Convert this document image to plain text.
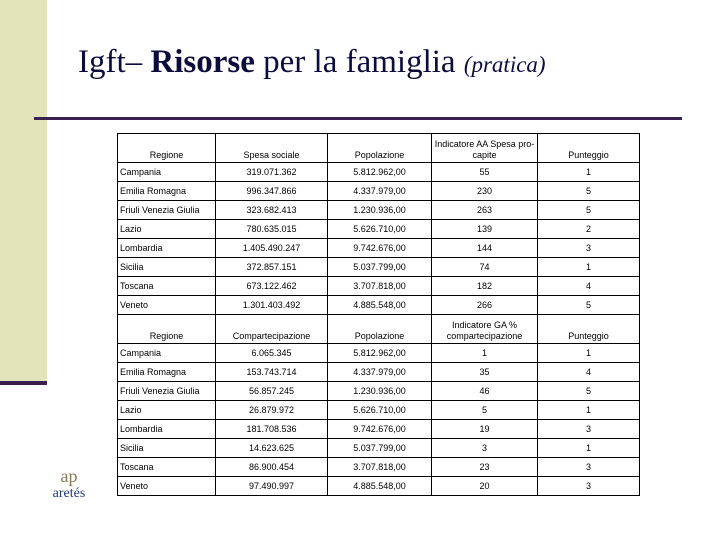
Igft– Risorse per la famiglia (pratica)
ap
aretés
Regione	Spesa sociale	Popolazione	Indicatore AA Spesa pro-capite	Punteggio
Campania	319.071.362	5.812.962,00	55	1
Emilia Romagna	996.347.866	4.337.979,00	230	5
Friuli Venezia Giulia	323.682.413	1.230.936,00	263	5
Lazio	780.635.015	5.626.710,00	139	2
Lombardia	1.405.490.247	9.742.676,00	144	3
Sicilia	372.857.151	5.037.799,00	74	1
Toscana	673.122.462	3.707.818,00	182	4
Veneto	1.301.403.492	4.885.548,00	266	5
Regione	Compartecipazione	Popolazione	Indicatore GA % compartecipazione	Punteggio
Campania	6.065.345	5.812.962,00	1	1
Emilia Romagna	153.743.714	4.337.979,00	35	4
Friuli Venezia Giulia	56.857.245	1.230.936,00	46	5
Lazio	26.879.972	5.626.710,00	5	1
Lombardia	181.708.536	9.742.676,00	19	3
Sicilia	14.623.625	5.037.799,00	3	1
Toscana	86.900.454	3.707.818,00	23	3
Veneto	97.490.997	4.885.548,00	20	3
